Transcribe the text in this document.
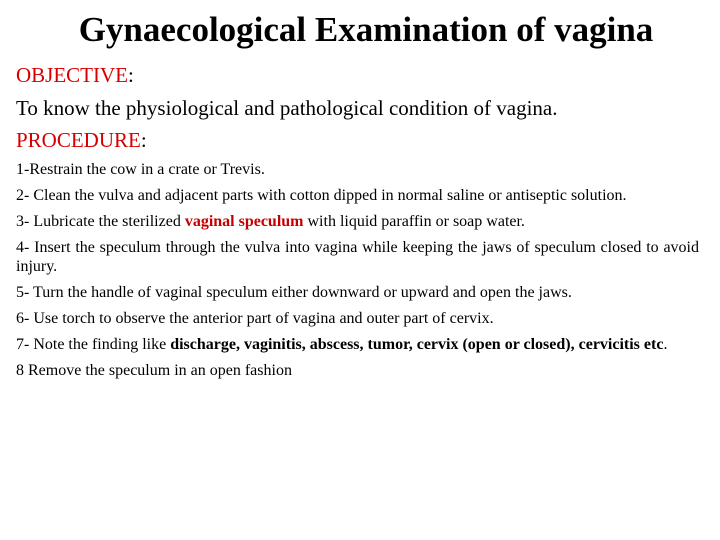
Gynaecological Examination of vagina
OBJECTIVE:
To know the physiological and pathological condition of vagina.
PROCEDURE:

1-Restrain the cow in a crate or Trevis.

2- Clean the vulva and adjacent parts with cotton dipped in normal saline or antiseptic solution.

3- Lubricate the sterilized vaginal speculum with liquid paraffin or soap water.

4- Insert the speculum through the vulva into vagina while keeping the jaws of speculum closed to avoid injury.

5- Turn the handle of vaginal speculum either downward or upward and open the jaws.

6- Use torch to observe the anterior part of vagina and outer part of cervix.

7- Note the finding like discharge, vaginitis, abscess, tumor, cervix (open or closed), cervicitis etc.

8 Remove the speculum in an open fashion
